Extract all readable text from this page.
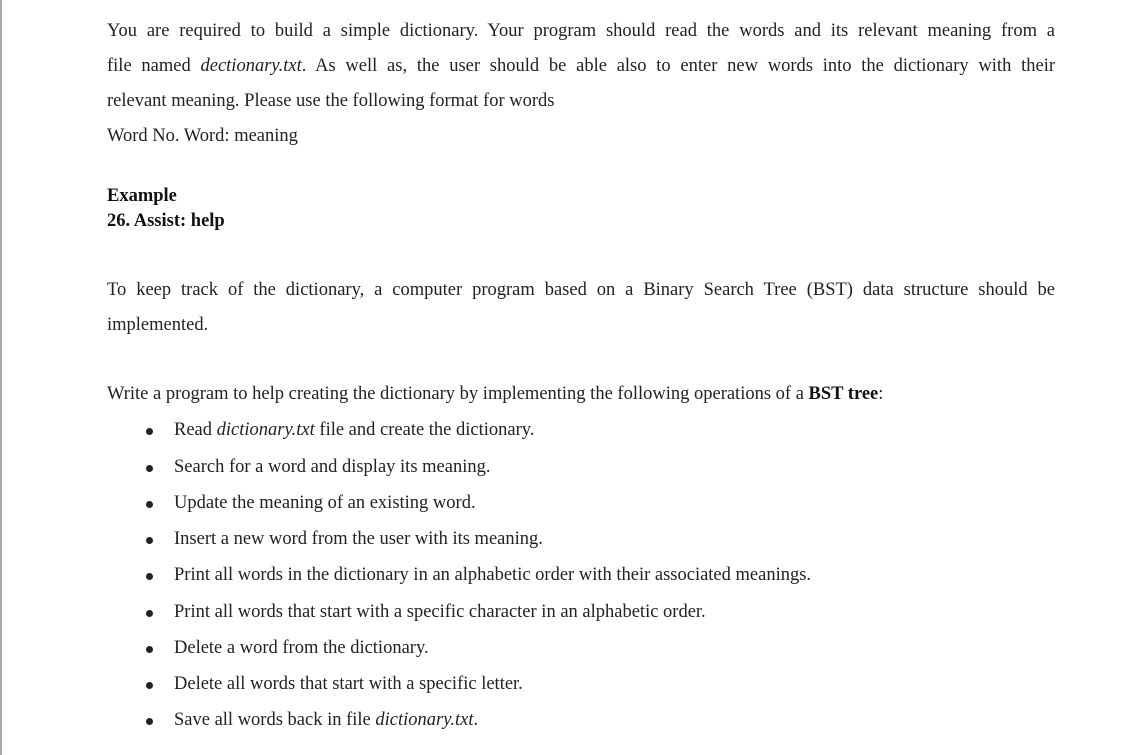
You are required to build a simple dictionary. Your program should read the words and its relevant meaning from a
file named dectionary.txt. As well as, the user should be able also to enter new words into the dictionary with their
relevant meaning. Please use the following format for words
Word No. Word: meaning
Example
26. Assist: help
To keep track of the dictionary, a computer program based on a Binary Search Tree (BST) data structure should be
implemented.
Write a program to help creating the dictionary by implementing the following operations of a BST tree:
Read dictionary.txt file and create the dictionary.
Search for a word and display its meaning.
Update the meaning of an existing word.
Insert a new word from the user with its meaning.
Print all words in the dictionary in an alphabetic order with their associated meanings.
Print all words that start with a specific character in an alphabetic order.
Delete a word from the dictionary.
Delete all words that start with a specific letter.
Save all words back in file dictionary.txt.
